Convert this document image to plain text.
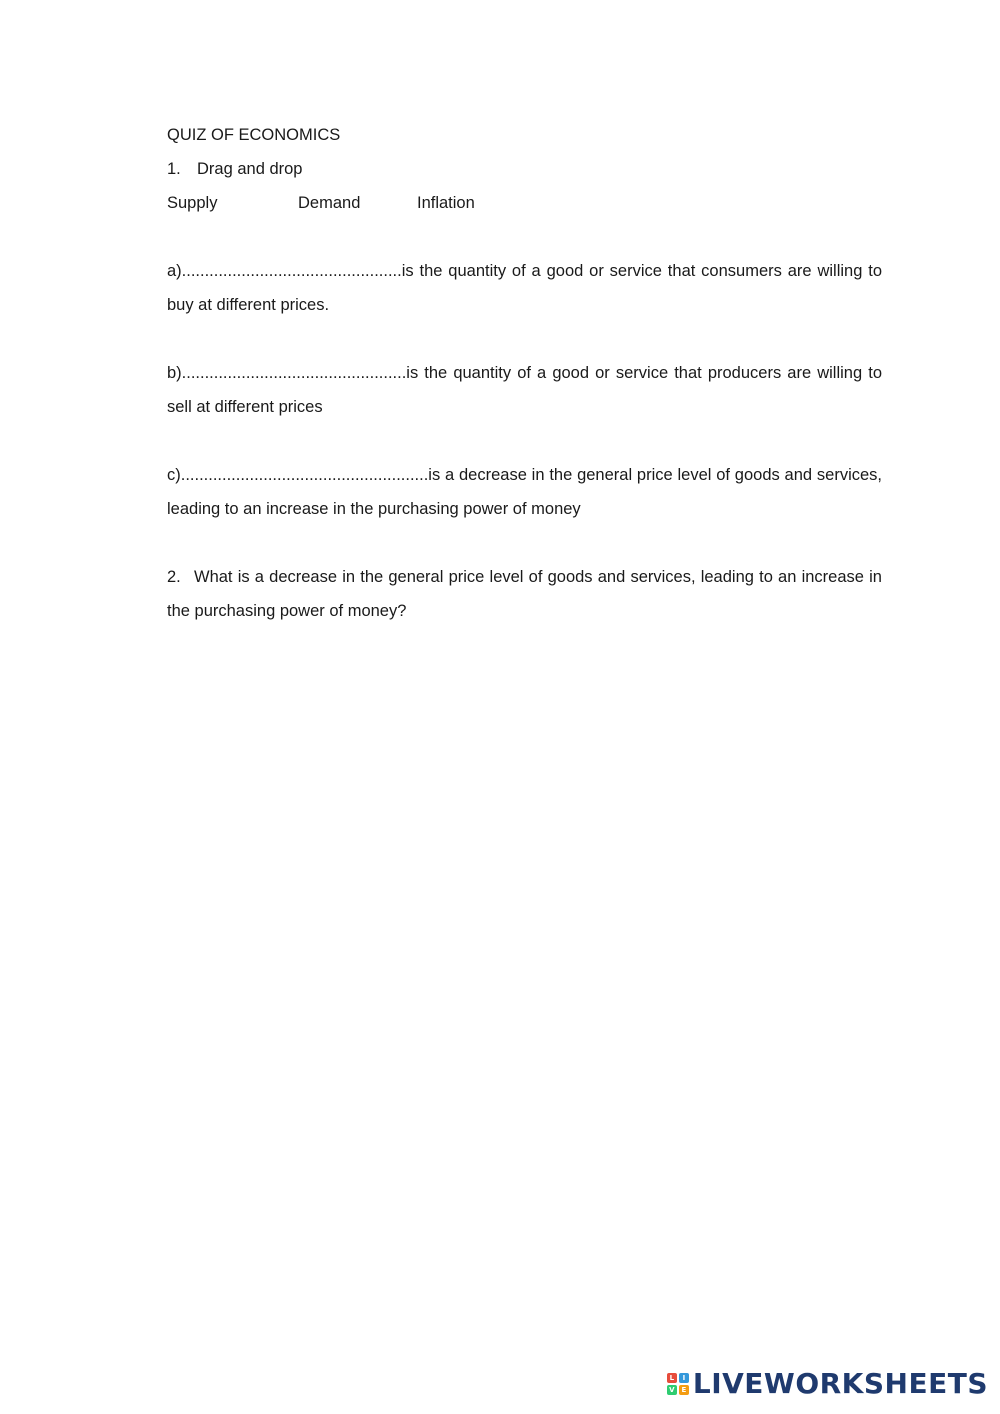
QUIZ OF ECONOMICS
1. Drag and drop
Supply	Demand	Inflation
a)................................................is the quantity of a good or service that consumers are willing to buy at different prices.
b).................................................is the quantity of a good or service that producers are willing to sell at different prices
c)......................................................is a decrease in the general price level of goods and services, leading to an increase in the purchasing power of money
2. What is a decrease in the general price level of goods and services, leading to an increase in the purchasing power of money?
L	I
V E LIVEWORKSHEETS
